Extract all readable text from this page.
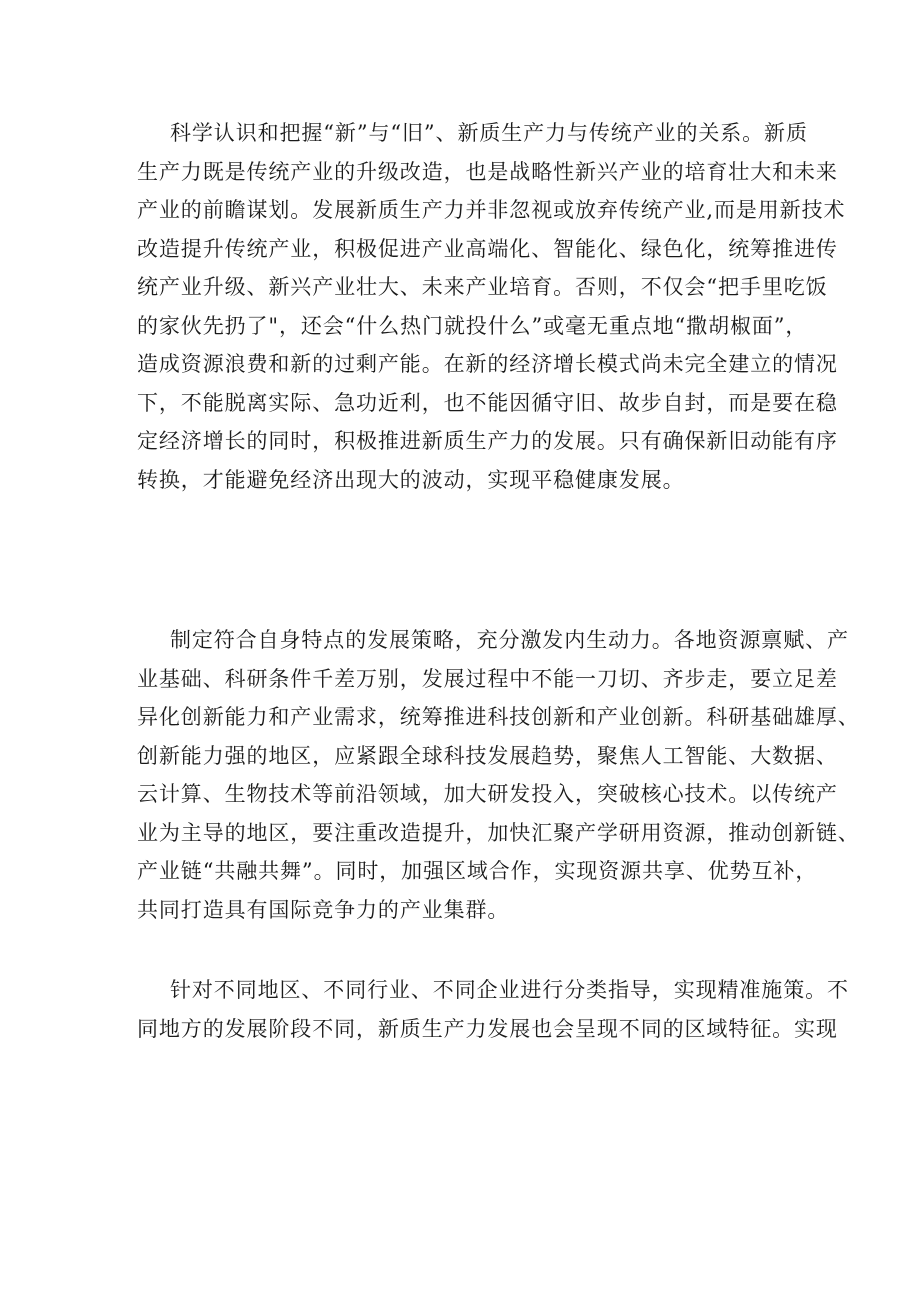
科学认识和把握“新”与“旧”、新质生产力与传统产业的关系。新质
生产力既是传统产业的升级改造，也是战略性新兴产业的培育壮大和未来
产业的前瞻谋划。发展新质生产力并非忽视或放弃传统产业,而是用新技术
改造提升传统产业，积极促进产业高端化、智能化、绿色化，统筹推进传
统产业升级、新兴产业壮大、未来产业培育。否则，不仅会“把手里吃饭
的家伙先扔了"，还会“什么热门就投什么”或毫无重点地“撒胡椒面”，
造成资源浪费和新的过剩产能。在新的经济增长模式尚未完全建立的情况
下，不能脱离实际、急功近利，也不能因循守旧、故步自封，而是要在稳
定经济增长的同时，积极推进新质生产力的发展。只有确保新旧动能有序
转换，才能避免经济出现大的波动，实现平稳健康发展。
制定符合自身特点的发展策略，充分激发内生动力。各地资源禀赋、产
业基础、科研条件千差万别，发展过程中不能一刀切、齐步走，要立足差
异化创新能力和产业需求，统筹推进科技创新和产业创新。科研基础雄厚、
创新能力强的地区，应紧跟全球科技发展趋势，聚焦人工智能、大数据、
云计算、生物技术等前沿领域，加大研发投入，突破核心技术。以传统产
业为主导的地区，要注重改造提升，加快汇聚产学研用资源，推动创新链、
产业链“共融共舞”。同时，加强区域合作，实现资源共享、优势互补，
共同打造具有国际竞争力的产业集群。
针对不同地区、不同行业、不同企业进行分类指导，实现精准施策。不
同地方的发展阶段不同，新质生产力发展也会呈现不同的区域特征。实现
